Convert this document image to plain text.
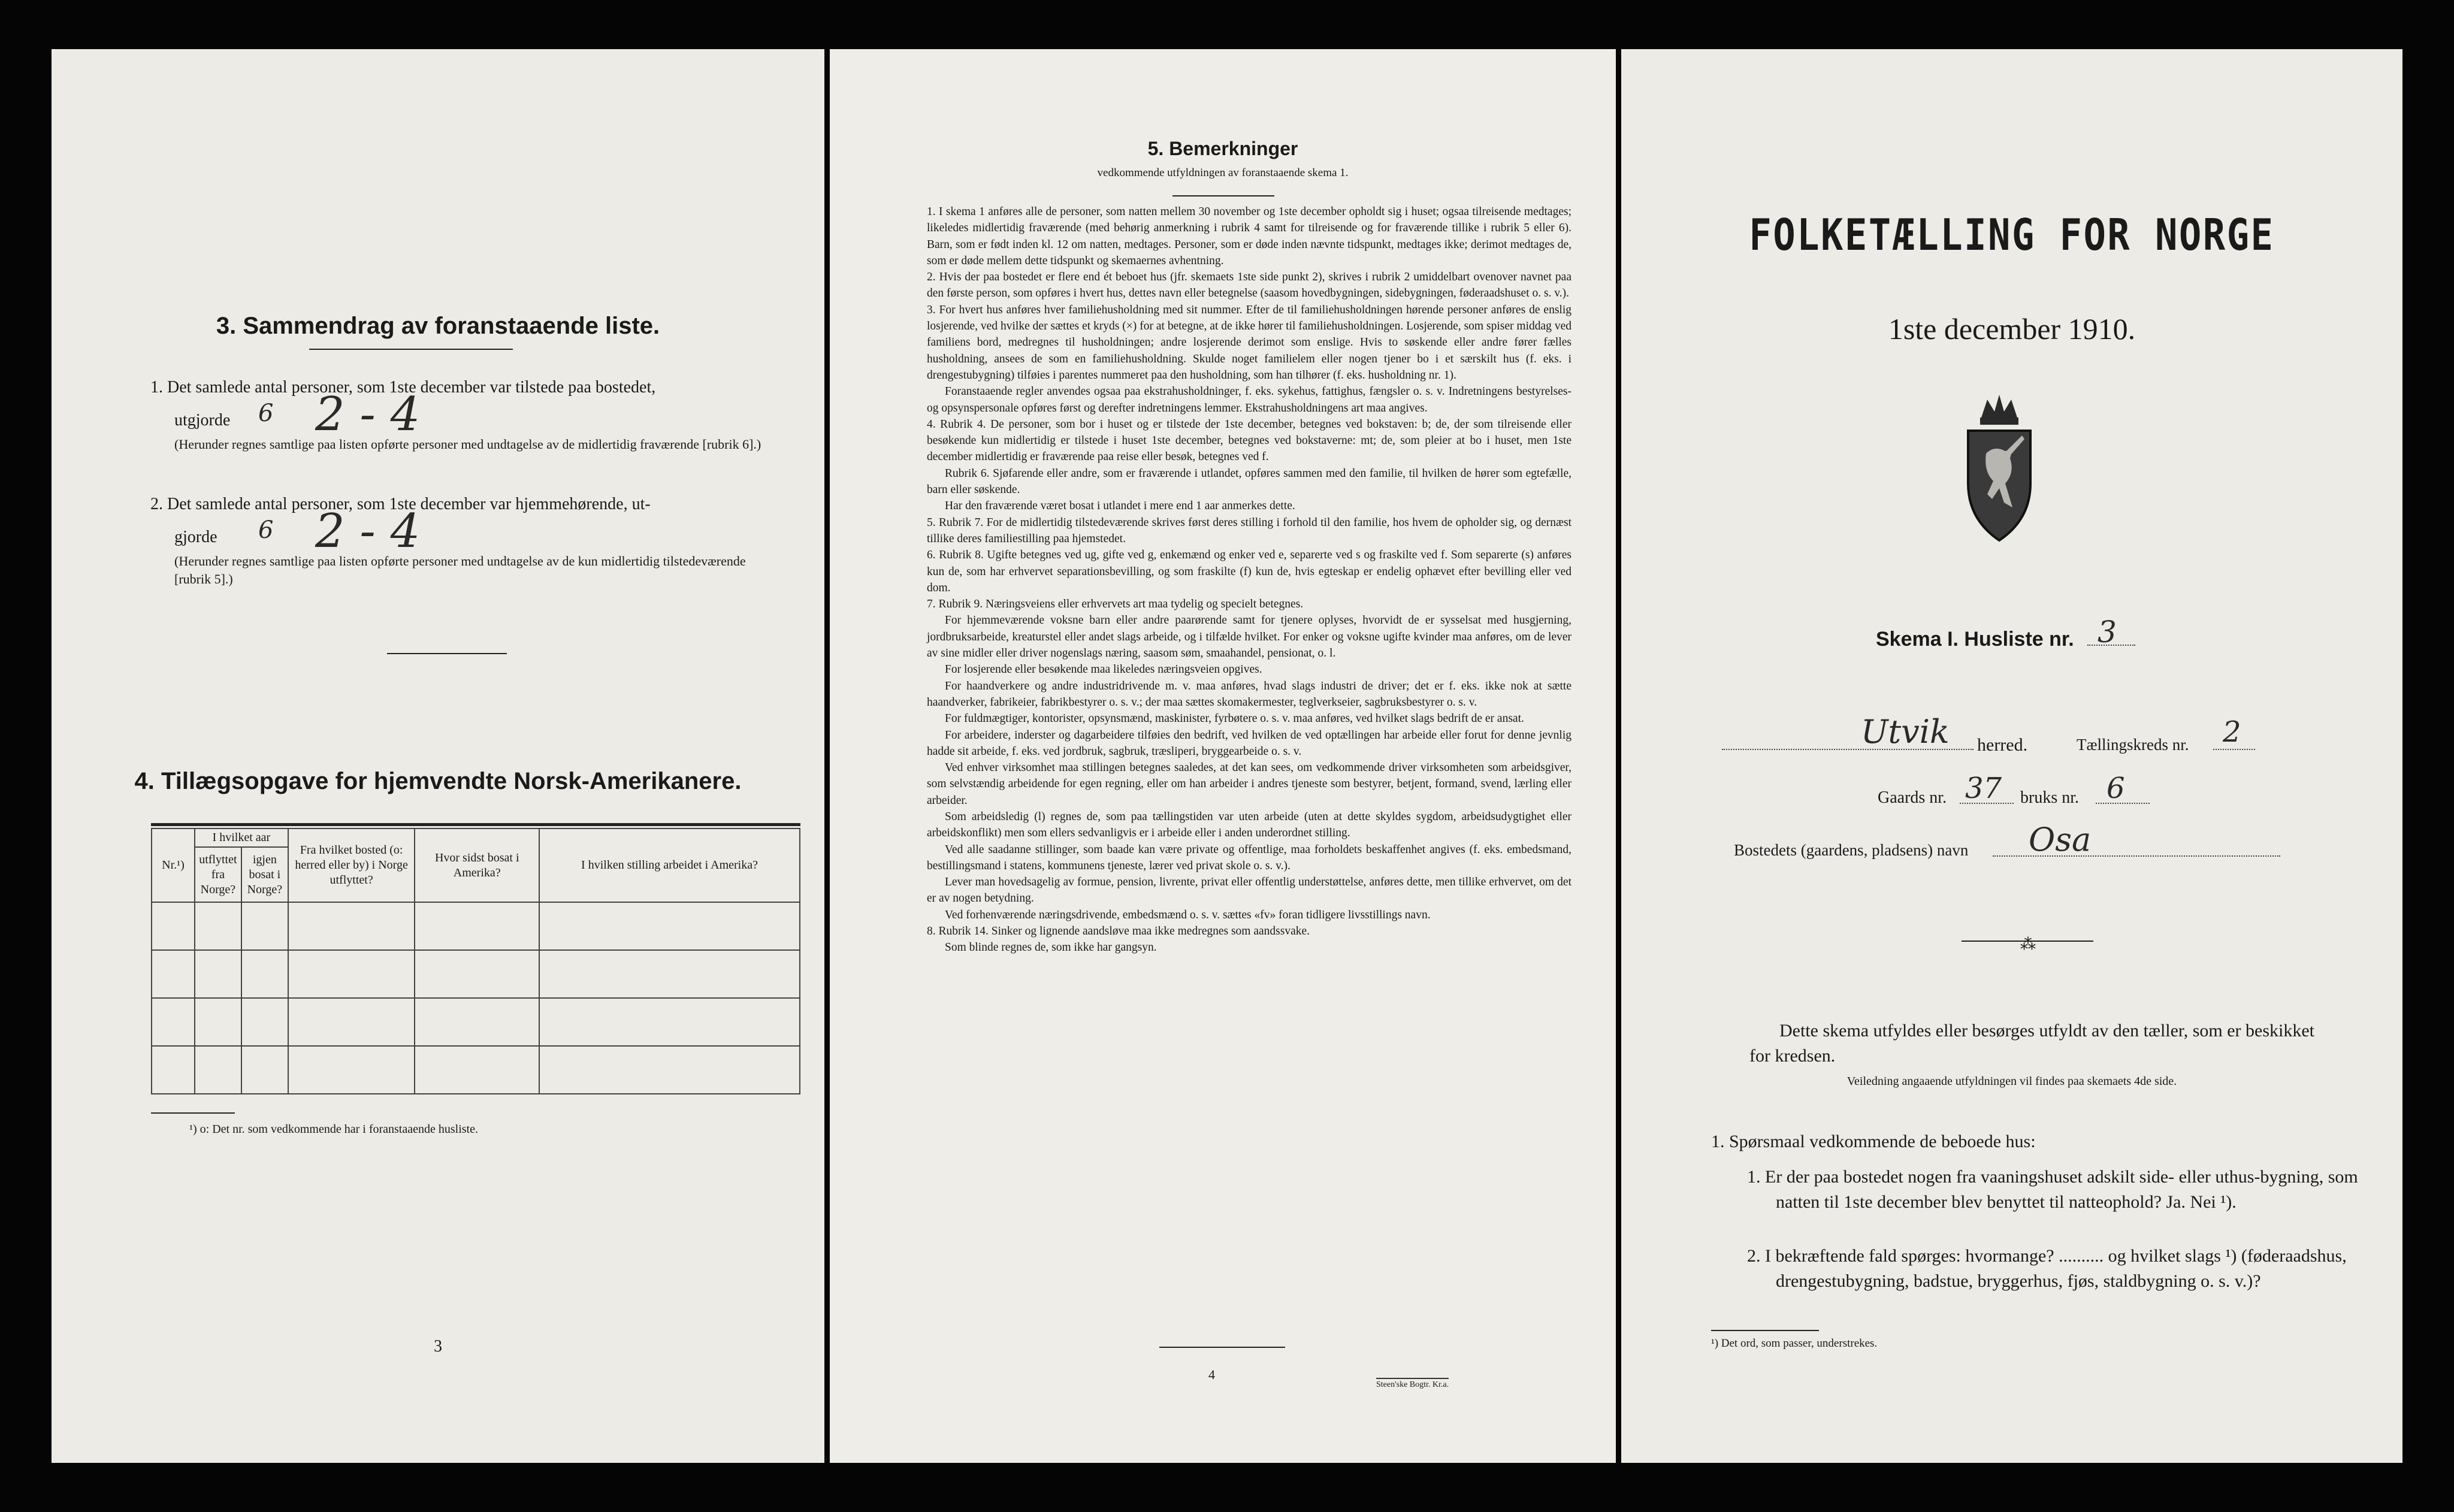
3. Sammendrag av foranstaaende liste.
1. Det samlede antal personer, som 1ste december var tilstede paa bostedet,
utgjorde 6 2 - 4
(Herunder regnes samtlige paa listen opførte personer med undtagelse av de midlertidig fraværende [rubrik 6].)
2. Det samlede antal personer, som 1ste december var hjemmehørende, ut-
gjorde 6 2 - 4
(Herunder regnes samtlige paa listen opførte personer med undtagelse av de kun midlertidig tilstedeværende [rubrik 5].)
4. Tillægsopgave for hjemvendte Norsk-Amerikanere.
Nr.¹)	I hvilket aar		Fra hvilket bosted (o: herred eller by) i Norge utflyttet?	Hvor sidst bosat i Amerika?	I hvilken stilling arbeidet i Amerika?
	utflyttet fra Norge?	igjen bosat i Norge?			

¹) o: Det nr. som vedkommende har i foranstaaende husliste.
3
5. Bemerkninger
vedkommende utfyldningen av foranstaaende skema 1.

1. I skema 1 anføres alle de personer, som natten mellem 30 november og 1ste december opholdt sig i huset; ogsaa tilreisende medtages; likeledes midlertidig fraværende (med behørig anmerkning i rubrik 4 samt for tilreisende og for fraværende tillike i rubrik 5 eller 6). Barn, som er født inden kl. 12 om natten, medtages. Personer, som er døde inden nævnte tidspunkt, medtages ikke; derimot medtages de, som er døde mellem dette tidspunkt og skemaernes avhentning.

2. Hvis der paa bostedet er flere end ét beboet hus (jfr. skemaets 1ste side punkt 2), skrives i rubrik 2 umiddelbart ovenover navnet paa den første person, som opføres i hvert hus, dettes navn eller betegnelse (saasom hovedbygningen, sidebygningen, føderaadshuset o. s. v.).

3. For hvert hus anføres hver familiehusholdning med sit nummer. Efter de til familiehusholdningen hørende personer anføres de enslig losjerende, ved hvilke der sættes et kryds (×) for at betegne, at de ikke hører til familiehusholdningen. Losjerende, som spiser middag ved familiens bord, medregnes til husholdningen; andre losjerende derimot som enslige. Hvis to søskende eller andre fører fælles husholdning, ansees de som en familiehusholdning. Skulde noget familielem eller nogen tjener bo i et særskilt hus (f. eks. i drengestubygning) tilføies i parentes nummeret paa den husholdning, som han tilhører (f. eks. husholdning nr. 1).

Foranstaaende regler anvendes ogsaa paa ekstrahusholdninger, f. eks. sykehus, fattighus, fængsler o. s. v. Indretningens bestyrelses- og opsynspersonale opføres først og derefter indretningens lemmer. Ekstrahusholdningens art maa angives.

4. Rubrik 4. De personer, som bor i huset og er tilstede der 1ste december, betegnes ved bokstaven: b; de, der som tilreisende eller besøkende kun midlertidig er tilstede i huset 1ste december, betegnes ved bokstaverne: mt; de, som pleier at bo i huset, men 1ste december midlertidig er fraværende paa reise eller besøk, betegnes ved f.

Rubrik 6. Sjøfarende eller andre, som er fraværende i utlandet, opføres sammen med den familie, til hvilken de hører som egtefælle, barn eller søskende.

Har den fraværende været bosat i utlandet i mere end 1 aar anmerkes dette.

5. Rubrik 7. For de midlertidig tilstedeværende skrives først deres stilling i forhold til den familie, hos hvem de opholder sig, og dernæst tillike deres familiestilling paa hjemstedet.

6. Rubrik 8. Ugifte betegnes ved ug, gifte ved g, enkemænd og enker ved e, separerte ved s og fraskilte ved f. Som separerte (s) anføres kun de, som har erhvervet separationsbevilling, og som fraskilte (f) kun de, hvis egteskap er endelig ophævet efter bevilling eller ved dom.

7. Rubrik 9. Næringsveiens eller erhvervets art maa tydelig og specielt betegnes.

For hjemmeværende voksne barn eller andre paarørende samt for tjenere oplyses, hvorvidt de er sysselsat med husgjerning, jordbruksarbeide, kreaturstel eller andet slags arbeide, og i tilfælde hvilket. For enker og voksne ugifte kvinder maa anføres, om de lever av sine midler eller driver nogenslags næring, saasom søm, smaahandel, pensionat, o. l.

For losjerende eller besøkende maa likeledes næringsveien opgives.

For haandverkere og andre industridrivende m. v. maa anføres, hvad slags industri de driver; det er f. eks. ikke nok at sætte haandverker, fabrikeier, fabrikbestyrer o. s. v.; der maa sættes skomakermester, teglverkseier, sagbruksbestyrer o. s. v.

For fuldmægtiger, kontorister, opsynsmænd, maskinister, fyrbøtere o. s. v. maa anføres, ved hvilket slags bedrift de er ansat.

For arbeidere, inderster og dagarbeidere tilføies den bedrift, ved hvilken de ved optællingen har arbeide eller forut for denne jevnlig hadde sit arbeide, f. eks. ved jordbruk, sagbruk, træsliperi, bryggearbeide o. s. v.

Ved enhver virksomhet maa stillingen betegnes saaledes, at det kan sees, om vedkommende driver virksomheten som arbeidsgiver, som selvstændig arbeidende for egen regning, eller om han arbeider i andres tjeneste som bestyrer, betjent, formand, svend, lærling eller arbeider.

Som arbeidsledig (l) regnes de, som paa tællingstiden var uten arbeide (uten at dette skyldes sygdom, arbeidsudygtighet eller arbeidskonflikt) men som ellers sedvanligvis er i arbeide eller i anden underordnet stilling.

Ved alle saadanne stillinger, som baade kan være private og offentlige, maa forholdets beskaffenhet angives (f. eks. embedsmand, bestillingsmand i statens, kommunens tjeneste, lærer ved privat skole o. s. v.).

Lever man hovedsagelig av formue, pension, livrente, privat eller offentlig understøttelse, anføres dette, men tillike erhvervet, om det er av nogen betydning.

Ved forhenværende næringsdrivende, embedsmænd o. s. v. sættes «fv» foran tidligere livsstillings navn.

8. Rubrik 14. Sinker og lignende aandsløve maa ikke medregnes som aandssvake.

Som blinde regnes de, som ikke har gangsyn.

4
Steen'ske Bogtr. Kr.a.
FOLKETÆLLING FOR NORGE
1ste december 1910.
Skema I. Husliste nr. 3
Utvik herred.	Tællingskreds nr. 2
Gaards nr. 37 bruks nr. 6
Bostedets (gaardens, pladsens) navn Osa
⁂
Dette skema utfyldes eller besørges utfyldt av den tæller, som er beskikket for kredsen.
Veiledning angaaende utfyldningen vil findes paa skemaets 4de side.
1. Spørsmaal vedkommende de beboede hus:
1. Er der paa bostedet nogen fra vaaningshuset adskilt side- eller uthus-bygning, som natten til 1ste december blev benyttet til natteophold? Ja. Nei ¹).
2. I bekræftende fald spørges: hvormange? .......... og hvilket slags ¹) (føderaadshus, drengestubygning, badstue, bryggerhus, fjøs, staldbygning o. s. v.)?
¹) Det ord, som passer, understrekes.
